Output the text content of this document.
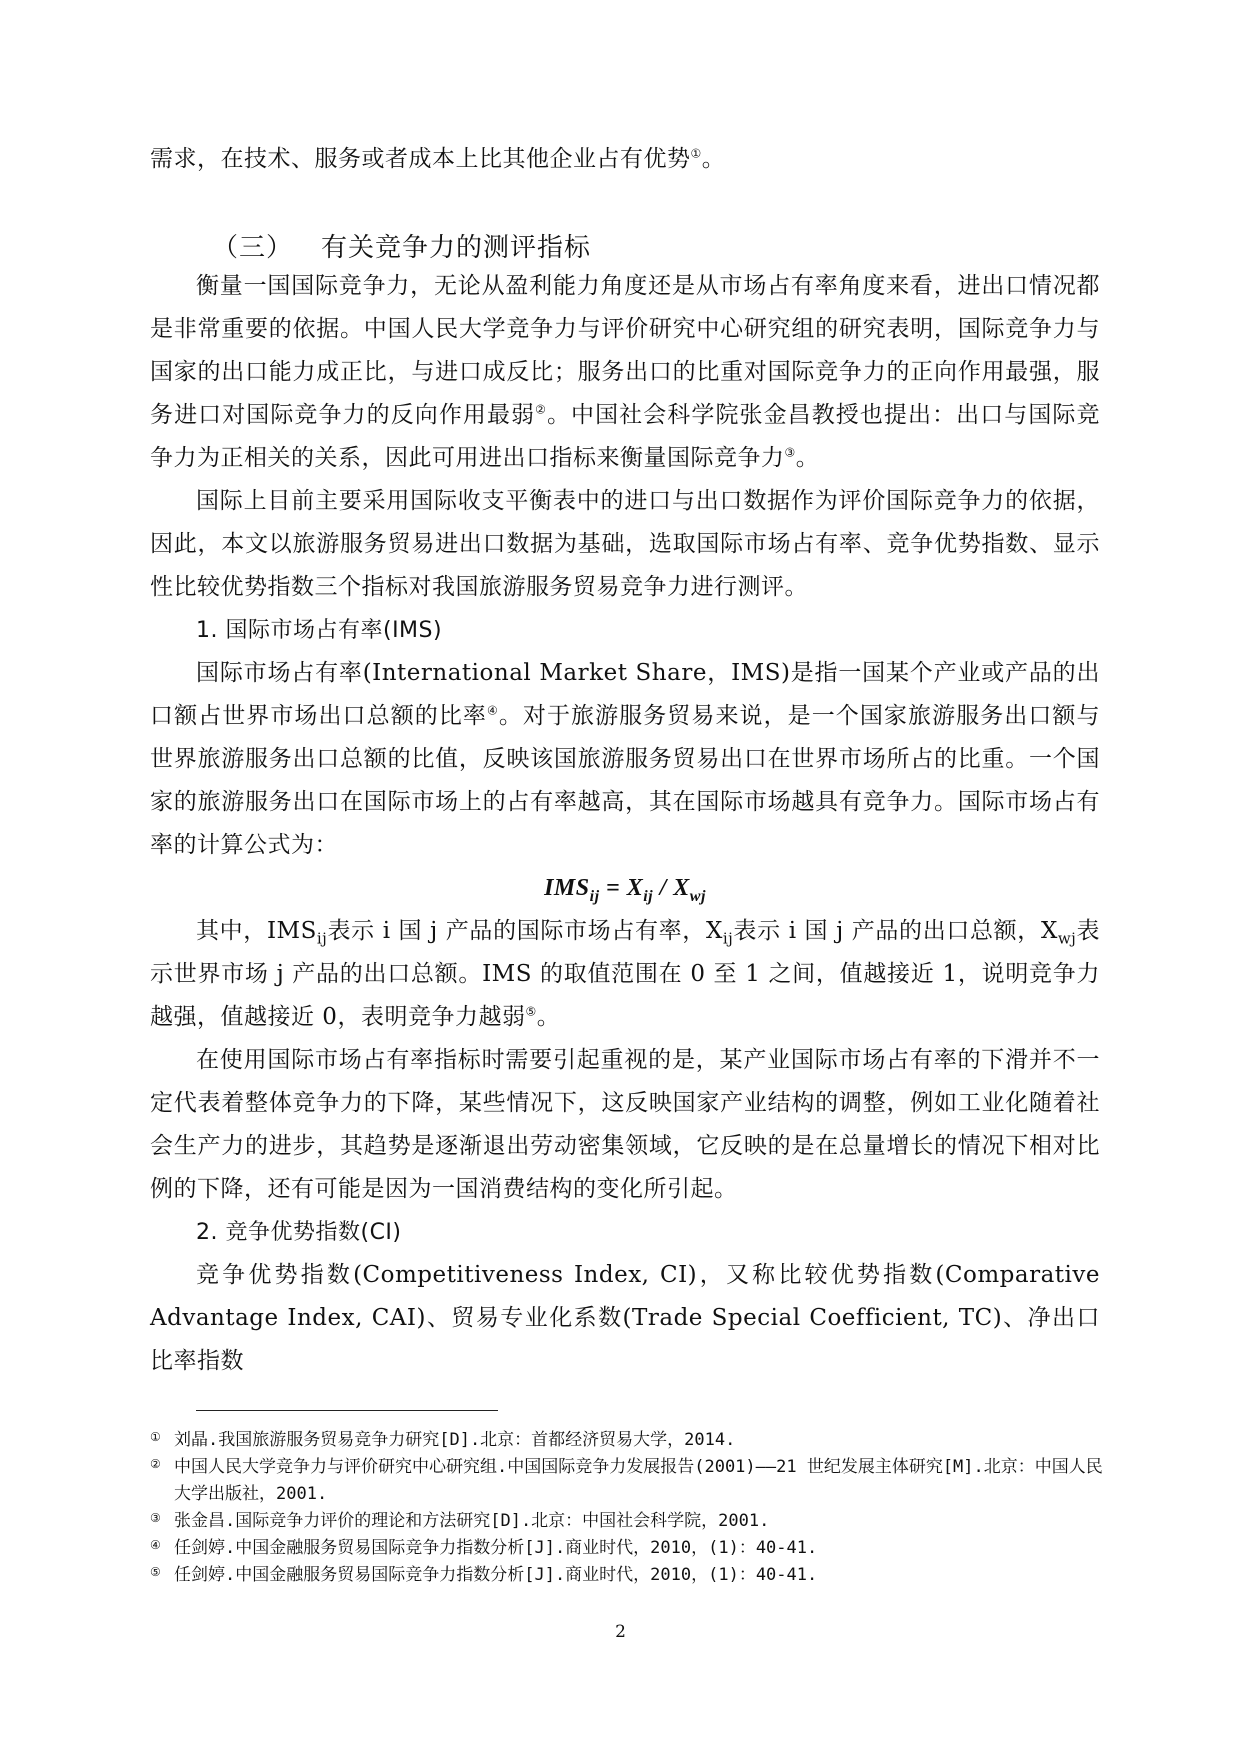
需求，在技术、服务或者成本上比其他企业占有优势①。

（三） 有关竞争力的测评指标

衡量一国国际竞争力，无论从盈利能力角度还是从市场占有率角度来看，进出口情况都是非常重要的依据。中国人民大学竞争力与评价研究中心研究组的研究表明，国际竞争力与国家的出口能力成正比，与进口成反比；服务出口的比重对国际竞争力的正向作用最强，服务进口对国际竞争力的反向作用最弱②。中国社会科学院张金昌教授也提出：出口与国际竞争力为正相关的关系，因此可用进出口指标来衡量国际竞争力③。

国际上目前主要采用国际收支平衡表中的进口与出口数据作为评价国际竞争力的依据，因此，本文以旅游服务贸易进出口数据为基础，选取国际市场占有率、竞争优势指数、显示性比较优势指数三个指标对我国旅游服务贸易竞争力进行测评。

1. 国际市场占有率(IMS)

国际市场占有率(International Market Share，IMS)是指一国某个产业或产品的出口额占世界市场出口总额的比率④。对于旅游服务贸易来说，是一个国家旅游服务出口额与世界旅游服务出口总额的比值，反映该国旅游服务贸易出口在世界市场所占的比重。一个国家的旅游服务出口在国际市场上的占有率越高，其在国际市场越具有竞争力。国际市场占有率的计算公式为：

$IMS_{ij} = X_{ij} / X_{wj}$

其中，$IMS_{ij}$表示 i 国 j 产品的国际市场占有率，$X_{ij}$表示 i 国 j 产品的出口总额，$X_{wj}$表示世界市场 j 产品的出口总额。IMS 的取值范围在 0 至 1 之间，值越接近 1，说明竞争力越强，值越接近 0，表明竞争力越弱⑤。

在使用国际市场占有率指标时需要引起重视的是，某产业国际市场占有率的下滑并不一定代表着整体竞争力的下降，某些情况下，这反映国家产业结构的调整，例如工业化随着社会生产力的进步，其趋势是逐渐退出劳动密集领域，它反映的是在总量增长的情况下相对比例的下降，还有可能是因为一国消费结构的变化所引起。

2. 竞争优势指数(CI)

竞争优势指数(Competitiveness Index, CI)，又称比较优势指数(Comparative Advantage Index, CAI)、贸易专业化系数(Trade Special Coefficient, TC)、净出口比率指数

① 刘晶.我国旅游服务贸易竞争力研究[D].北京：首都经济贸易大学，2014.

② 中国人民大学竞争力与评价研究中心研究组.中国国际竞争力发展报告(2001)——21 世纪发展主体研究[M].北京：中国人民大学出版社，2001.

③ 张金昌.国际竞争力评价的理论和方法研究[D].北京：中国社会科学院，2001.

④ 任剑婷.中国金融服务贸易国际竞争力指数分析[J].商业时代，2010，(1)：40-41.

⑤ 任剑婷.中国金融服务贸易国际竞争力指数分析[J].商业时代，2010，(1)：40-41.

2
